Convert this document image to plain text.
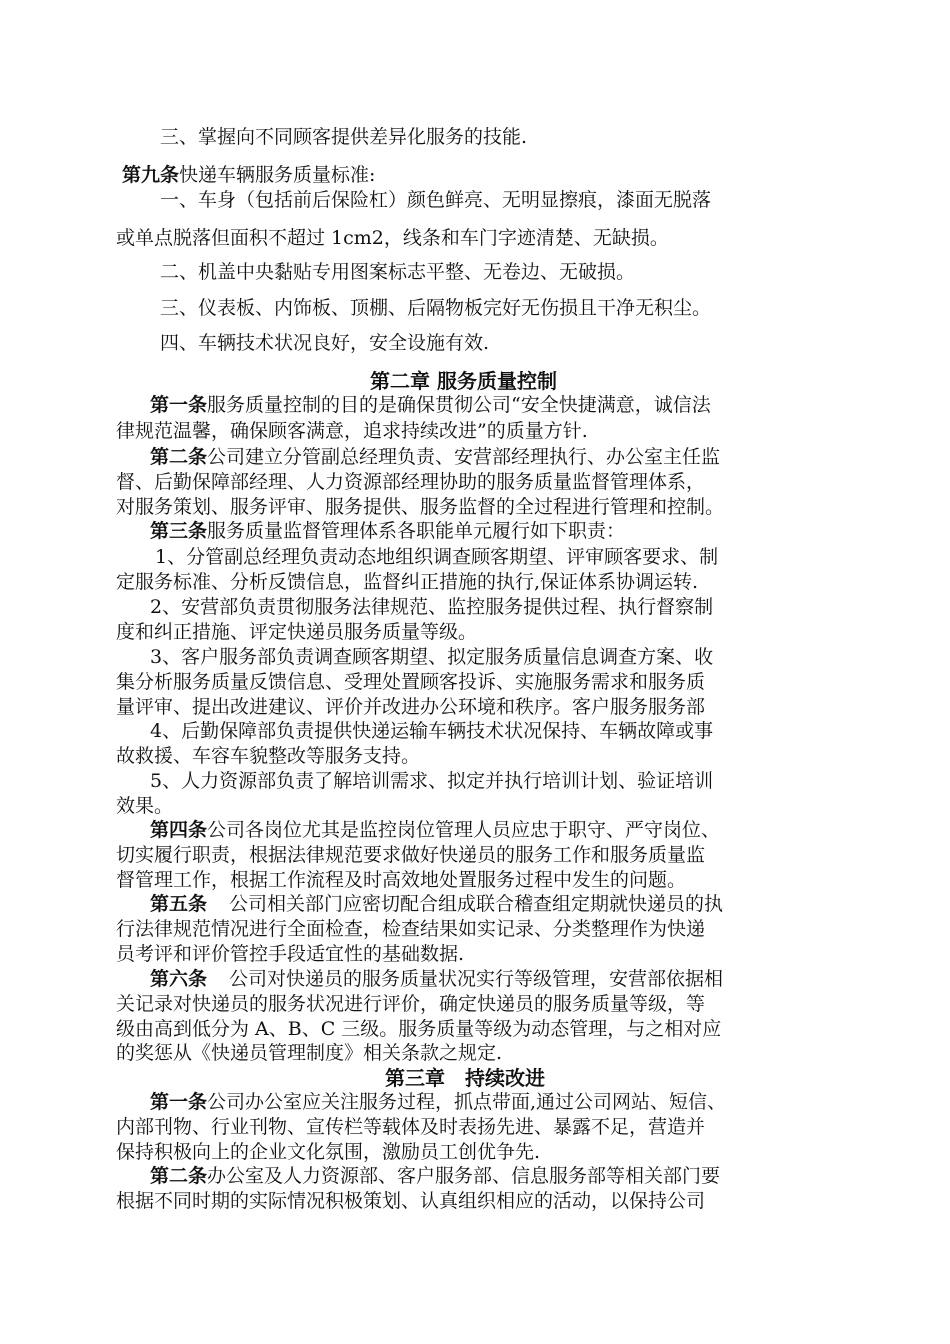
三、掌握向不同顾客提供差异化服务的技能.
第九条快递车辆服务质量标准:
一、车身（包括前后保险杠）颜色鲜亮、无明显擦痕，漆面无脱落
或单点脱落但面积不超过 1cm2，线条和车门字迹清楚、无缺损。
二、机盖中央黏贴专用图案标志平整、无卷边、无破损。
三、仪表板、内饰板、顶棚、后隔物板完好无伤损且干净无积尘。
四、车辆技术状况良好，安全设施有效.
第二章 服务质量控制
第一条服务质量控制的目的是确保贯彻公司“安全快捷满意，诚信法
律规范温馨，确保顾客满意，追求持续改进”的质量方针.
第二条公司建立分管副总经理负责、安营部经理执行、办公室主任监
督、后勤保障部经理、人力资源部经理协助的服务质量监督管理体系，
对服务策划、服务评审、服务提供、服务监督的全过程进行管理和控制。
第三条服务质量监督管理体系各职能单元履行如下职责：
1、分管副总经理负责动态地组织调查顾客期望、评审顾客要求、制
定服务标准、分析反馈信息，监督纠正措施的执行,保证体系协调运转.
2、安营部负责贯彻服务法律规范、监控服务提供过程、执行督察制
度和纠正措施、评定快递员服务质量等级。
3、客户服务部负责调查顾客期望、拟定服务质量信息调查方案、收
集分析服务质量反馈信息、受理处置顾客投诉、实施服务需求和服务质
量评审、提出改进建议、评价并改进办公环境和秩序。客户服务服务部
4、后勤保障部负责提供快递运输车辆技术状况保持、车辆故障或事
故救援、车容车貌整改等服务支持。
5、人力资源部负责了解培训需求、拟定并执行培训计划、验证培训
效果。
第四条公司各岗位尤其是监控岗位管理人员应忠于职守、严守岗位、
切实履行职责，根据法律规范要求做好快递员的服务工作和服务质量监
督管理工作，根据工作流程及时高效地处置服务过程中发生的问题。
第五条 公司相关部门应密切配合组成联合稽查组定期就快递员的执
行法律规范情况进行全面检查，检查结果如实记录、分类整理作为快递
员考评和评价管控手段适宜性的基础数据.
第六条 公司对快递员的服务质量状况实行等级管理，安营部依据相
关记录对快递员的服务状况进行评价，确定快递员的服务质量等级，等
级由高到低分为 A、B、C 三级。服务质量等级为动态管理，与之相对应
的奖惩从《快递员管理制度》相关条款之规定.
第三章　持续改进
第一条公司办公室应关注服务过程，抓点带面,通过公司网站、短信、
内部刊物、行业刊物、宣传栏等载体及时表扬先进、暴露不足，营造并
保持积极向上的企业文化氛围，激励员工创优争先.
第二条办公室及人力资源部、客户服务部、信息服务部等相关部门要
根据不同时期的实际情况积极策划、认真组织相应的活动，以保持公司
